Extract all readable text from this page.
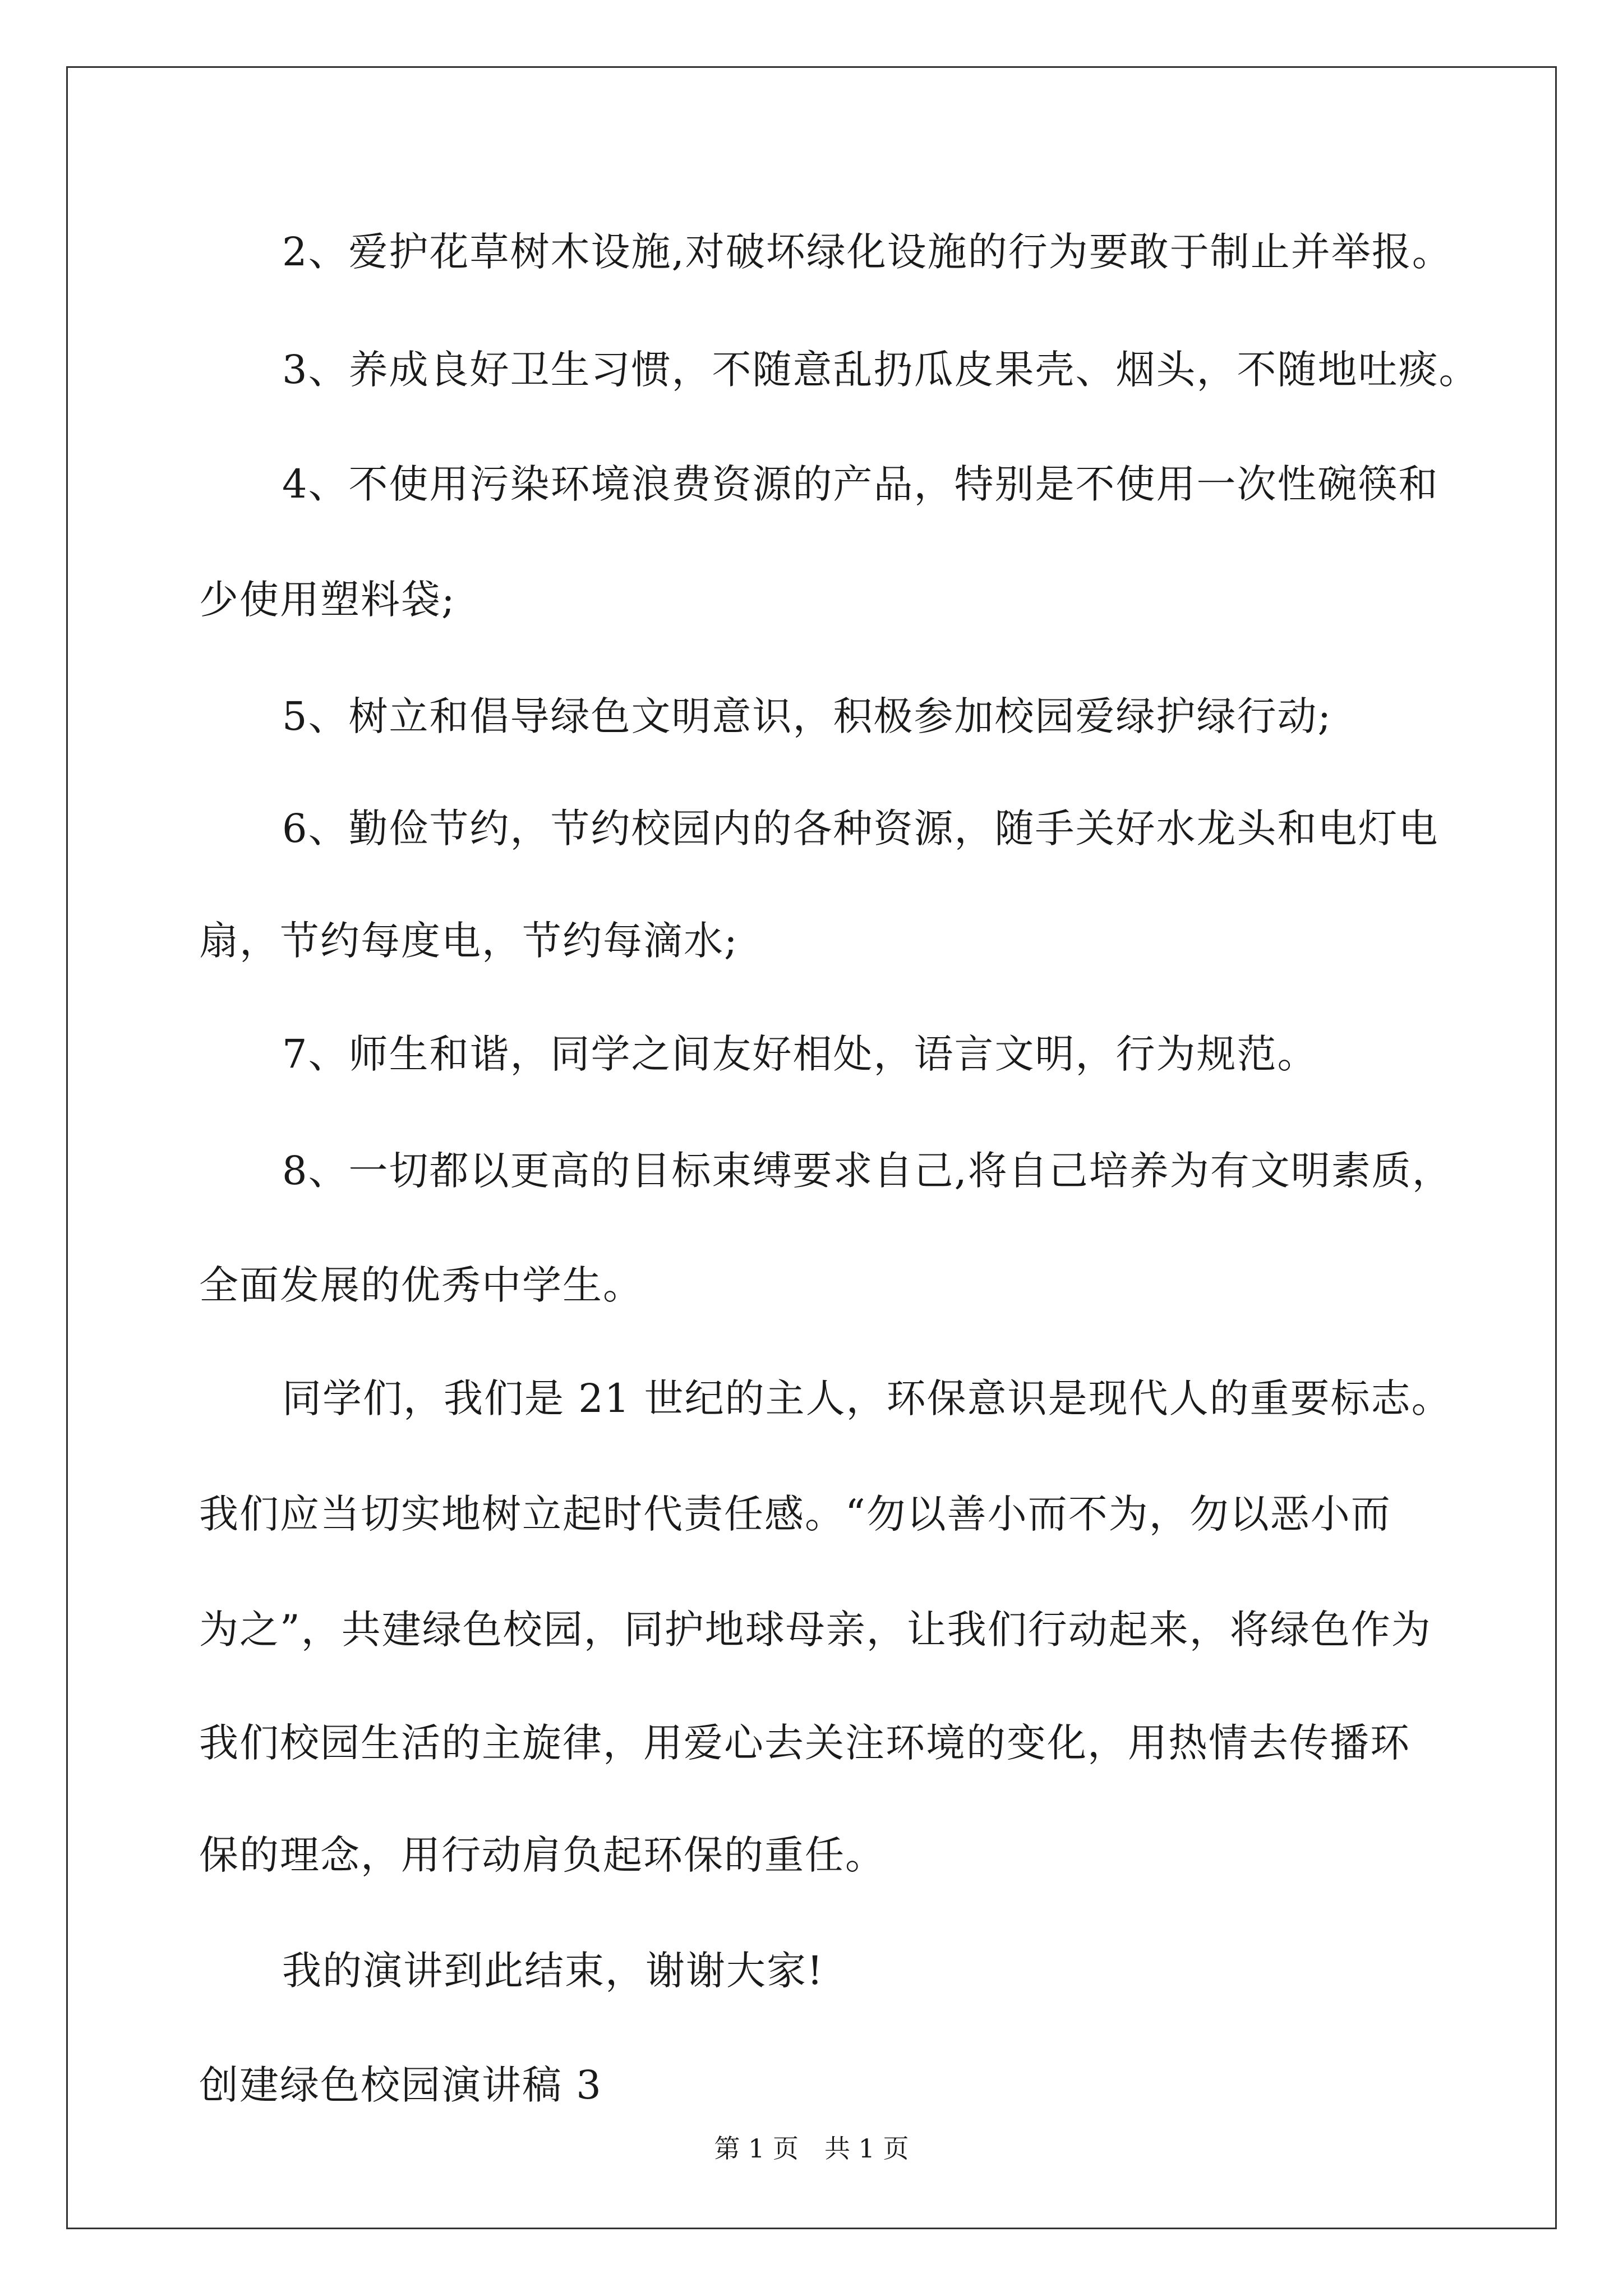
2、爱护花草树木设施,对破坏绿化设施的行为要敢于制止并举报。
3、养成良好卫生习惯，不随意乱扔瓜皮果壳、烟头，不随地吐痰。
4、不使用污染环境浪费资源的产品，特别是不使用一次性碗筷和
少使用塑料袋;
5、树立和倡导绿色文明意识，积极参加校园爱绿护绿行动;
6、勤俭节约，节约校园内的各种资源，随手关好水龙头和电灯电
扇，节约每度电，节约每滴水;
7、师生和谐，同学之间友好相处，语言文明，行为规范。
8、一切都以更高的目标束缚要求自己,将自己培养为有文明素质，
全面发展的优秀中学生。
同学们，我们是 21 世纪的主人，环保意识是现代人的重要标志。
我们应当切实地树立起时代责任感。“勿以善小而不为，勿以恶小而
为之”，共建绿色校园，同护地球母亲，让我们行动起来，将绿色作为
我们校园生活的主旋律，用爱心去关注环境的变化，用热情去传播环
保的理念，用行动肩负起环保的重任。
我的演讲到此结束，谢谢大家!
创建绿色校园演讲稿 3
第 1 页　共 1 页
